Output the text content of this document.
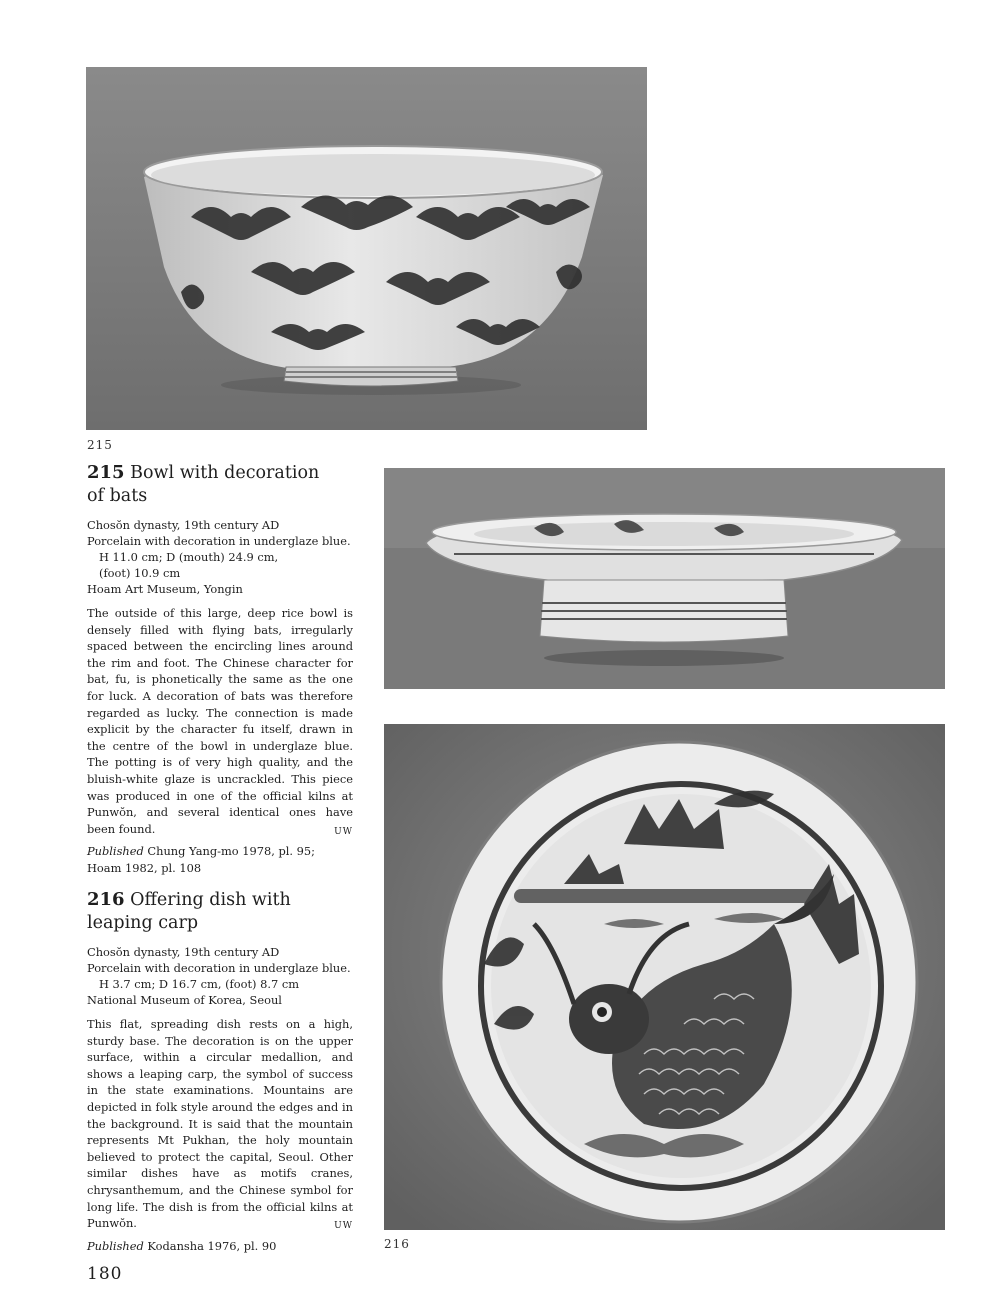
215
216
215 Bowl with decoration
of bats
Chosŏn dynasty, 19th century AD
Porcelain with decoration in underglaze blue.
H 11.0 cm; D (mouth) 24.9 cm,
(foot) 10.9 cm
Hoam Art Museum, Yongin
The outside of this large, deep rice bowl is densely filled with flying bats, irregularly spaced between the encircling lines around the rim and foot. The Chinese character for bat, fu, is phonetically the same as the one for luck. A decoration of bats was therefore regarded as lucky. The connection is made explicit by the character fu itself, drawn in the centre of the bowl in underglaze blue. The potting is of very high quality, and the bluish-white glaze is uncrackled. This piece was produced in one of the official kilns at Punwŏn, and several identical ones have been found.	UW
Published Chung Yang-mo 1978, pl. 95;
Hoam 1982, pl. 108
216 Offering dish with
leaping carp
Chosŏn dynasty, 19th century AD
Porcelain with decoration in underglaze blue.
H 3.7 cm; D 16.7 cm, (foot) 8.7 cm
National Museum of Korea, Seoul
This flat, spreading dish rests on a high, sturdy base. The decoration is on the upper surface, within a circular medallion, and shows a leaping carp, the symbol of success in the state examinations. Mountains are depicted in folk style around the edges and in the background. It is said that the mountain represents Mt Pukhan, the holy mountain believed to protect the capital, Seoul. Other similar dishes have as motifs cranes, chrysanthemum, and the Chinese symbol for long life. The dish is from the official kilns at Punwŏn.	UW
Published Kodansha 1976, pl. 90
180
